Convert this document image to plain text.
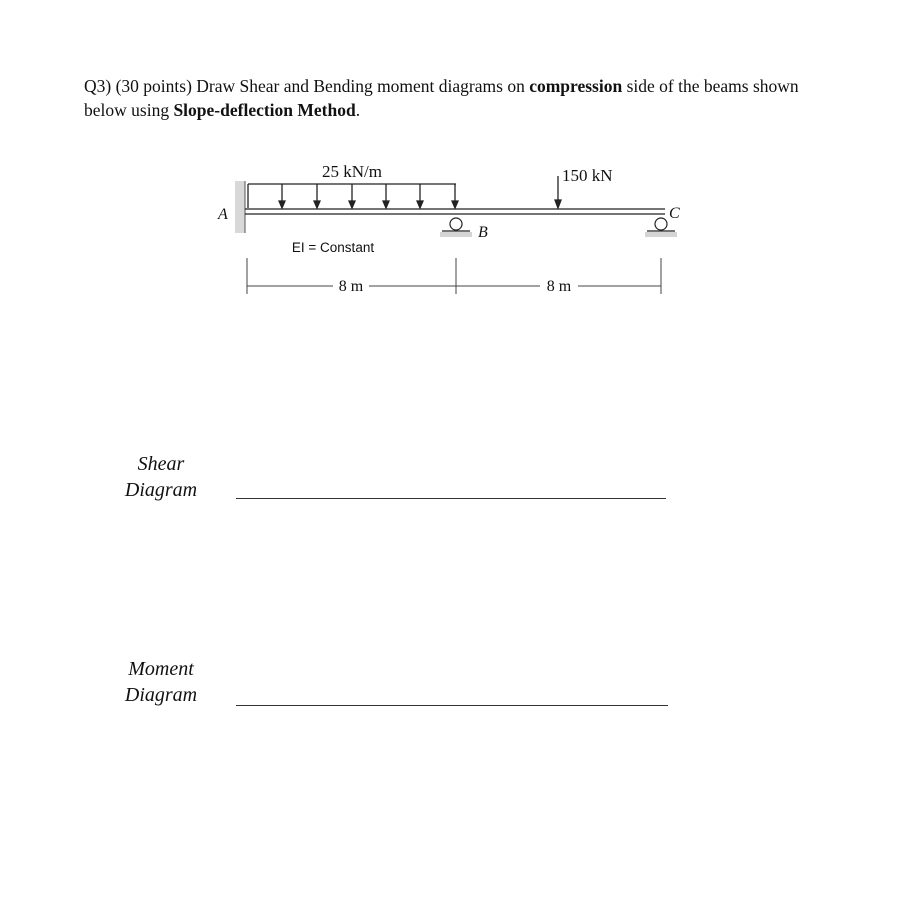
Q3) (30 points) Draw Shear and Bending moment diagrams on compression side of the beams shown below using Slope-deflection Method.
25 kN/m	150 kN
A
B
C
EI = Constant
8 m	8 m
Shear
Diagram
Moment
Diagram
